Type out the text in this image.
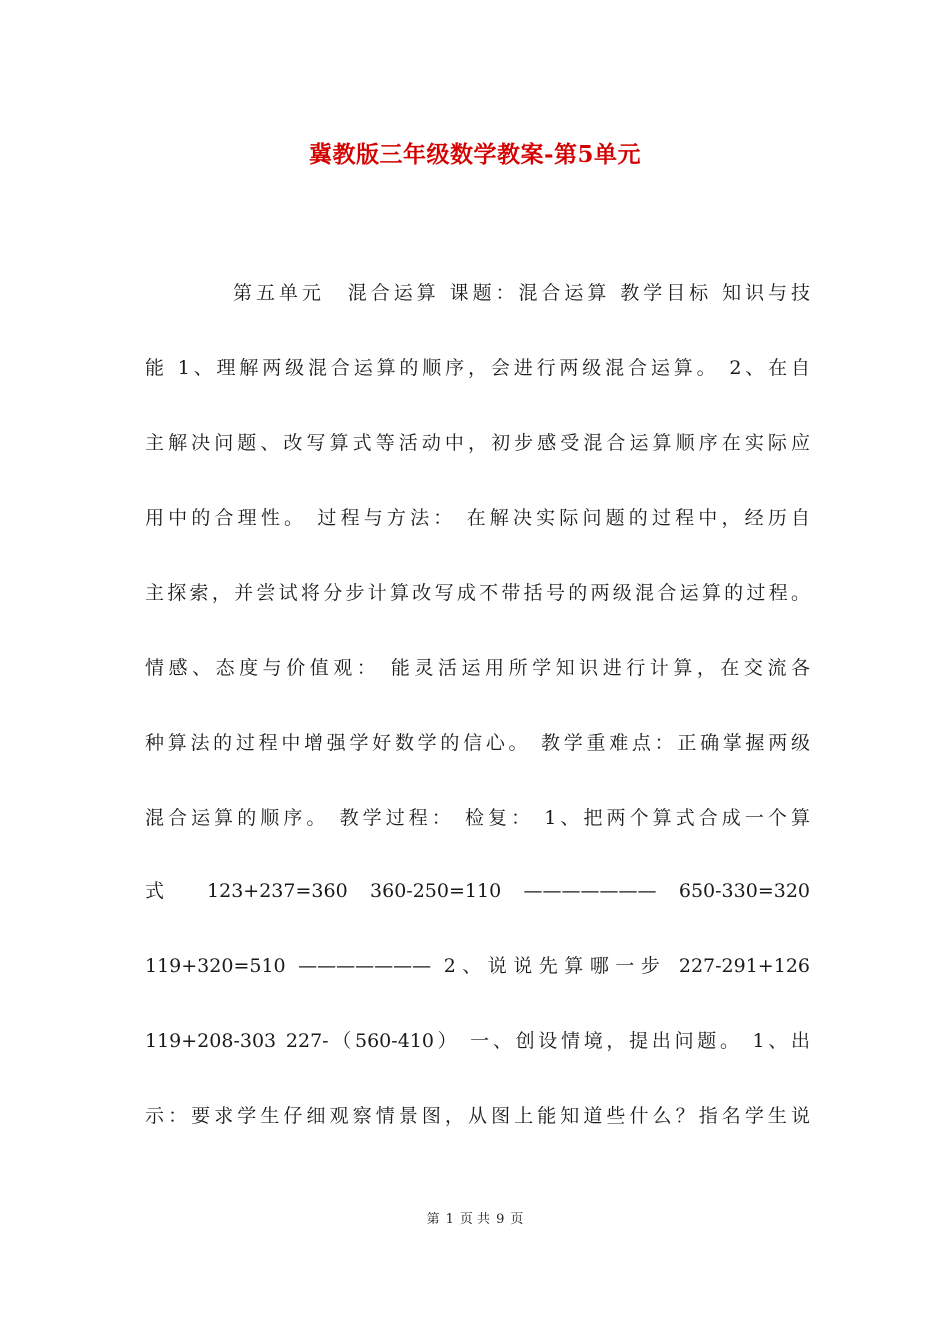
冀教版三年级数学教案-第5单元
第五单元　混合运算 课题：混合运算 教学目标 知识与技
能 1、理解两级混合运算的顺序，会进行两级混合运算。 2、在自
主解决问题、改写算式等活动中，初步感受混合运算顺序在实际应
用中的合理性。 过程与方法： 在解决实际问题的过程中，经历自
主探索，并尝试将分步计算改写成不带括号的两级混合运算的过程。
情感、态度与价值观： 能灵活运用所学知识进行计算，在交流各
种算法的过程中增强学好数学的信心。 教学重难点：正确掌握两级
混合运算的顺序。 教学过程： 检复： 1、把两个算式合成一个算
式　　123+237=360　360-250=110　———————　650-330=320
119+320=510 ——————— 2、说说先算哪一步 227-291+126
119+208-303 227-（560-410） 一、创设情境，提出问题。 1、出
示：要求学生仔细观察情景图，从图上能知道些什么？指名学生说
第 1 页 共 9 页
